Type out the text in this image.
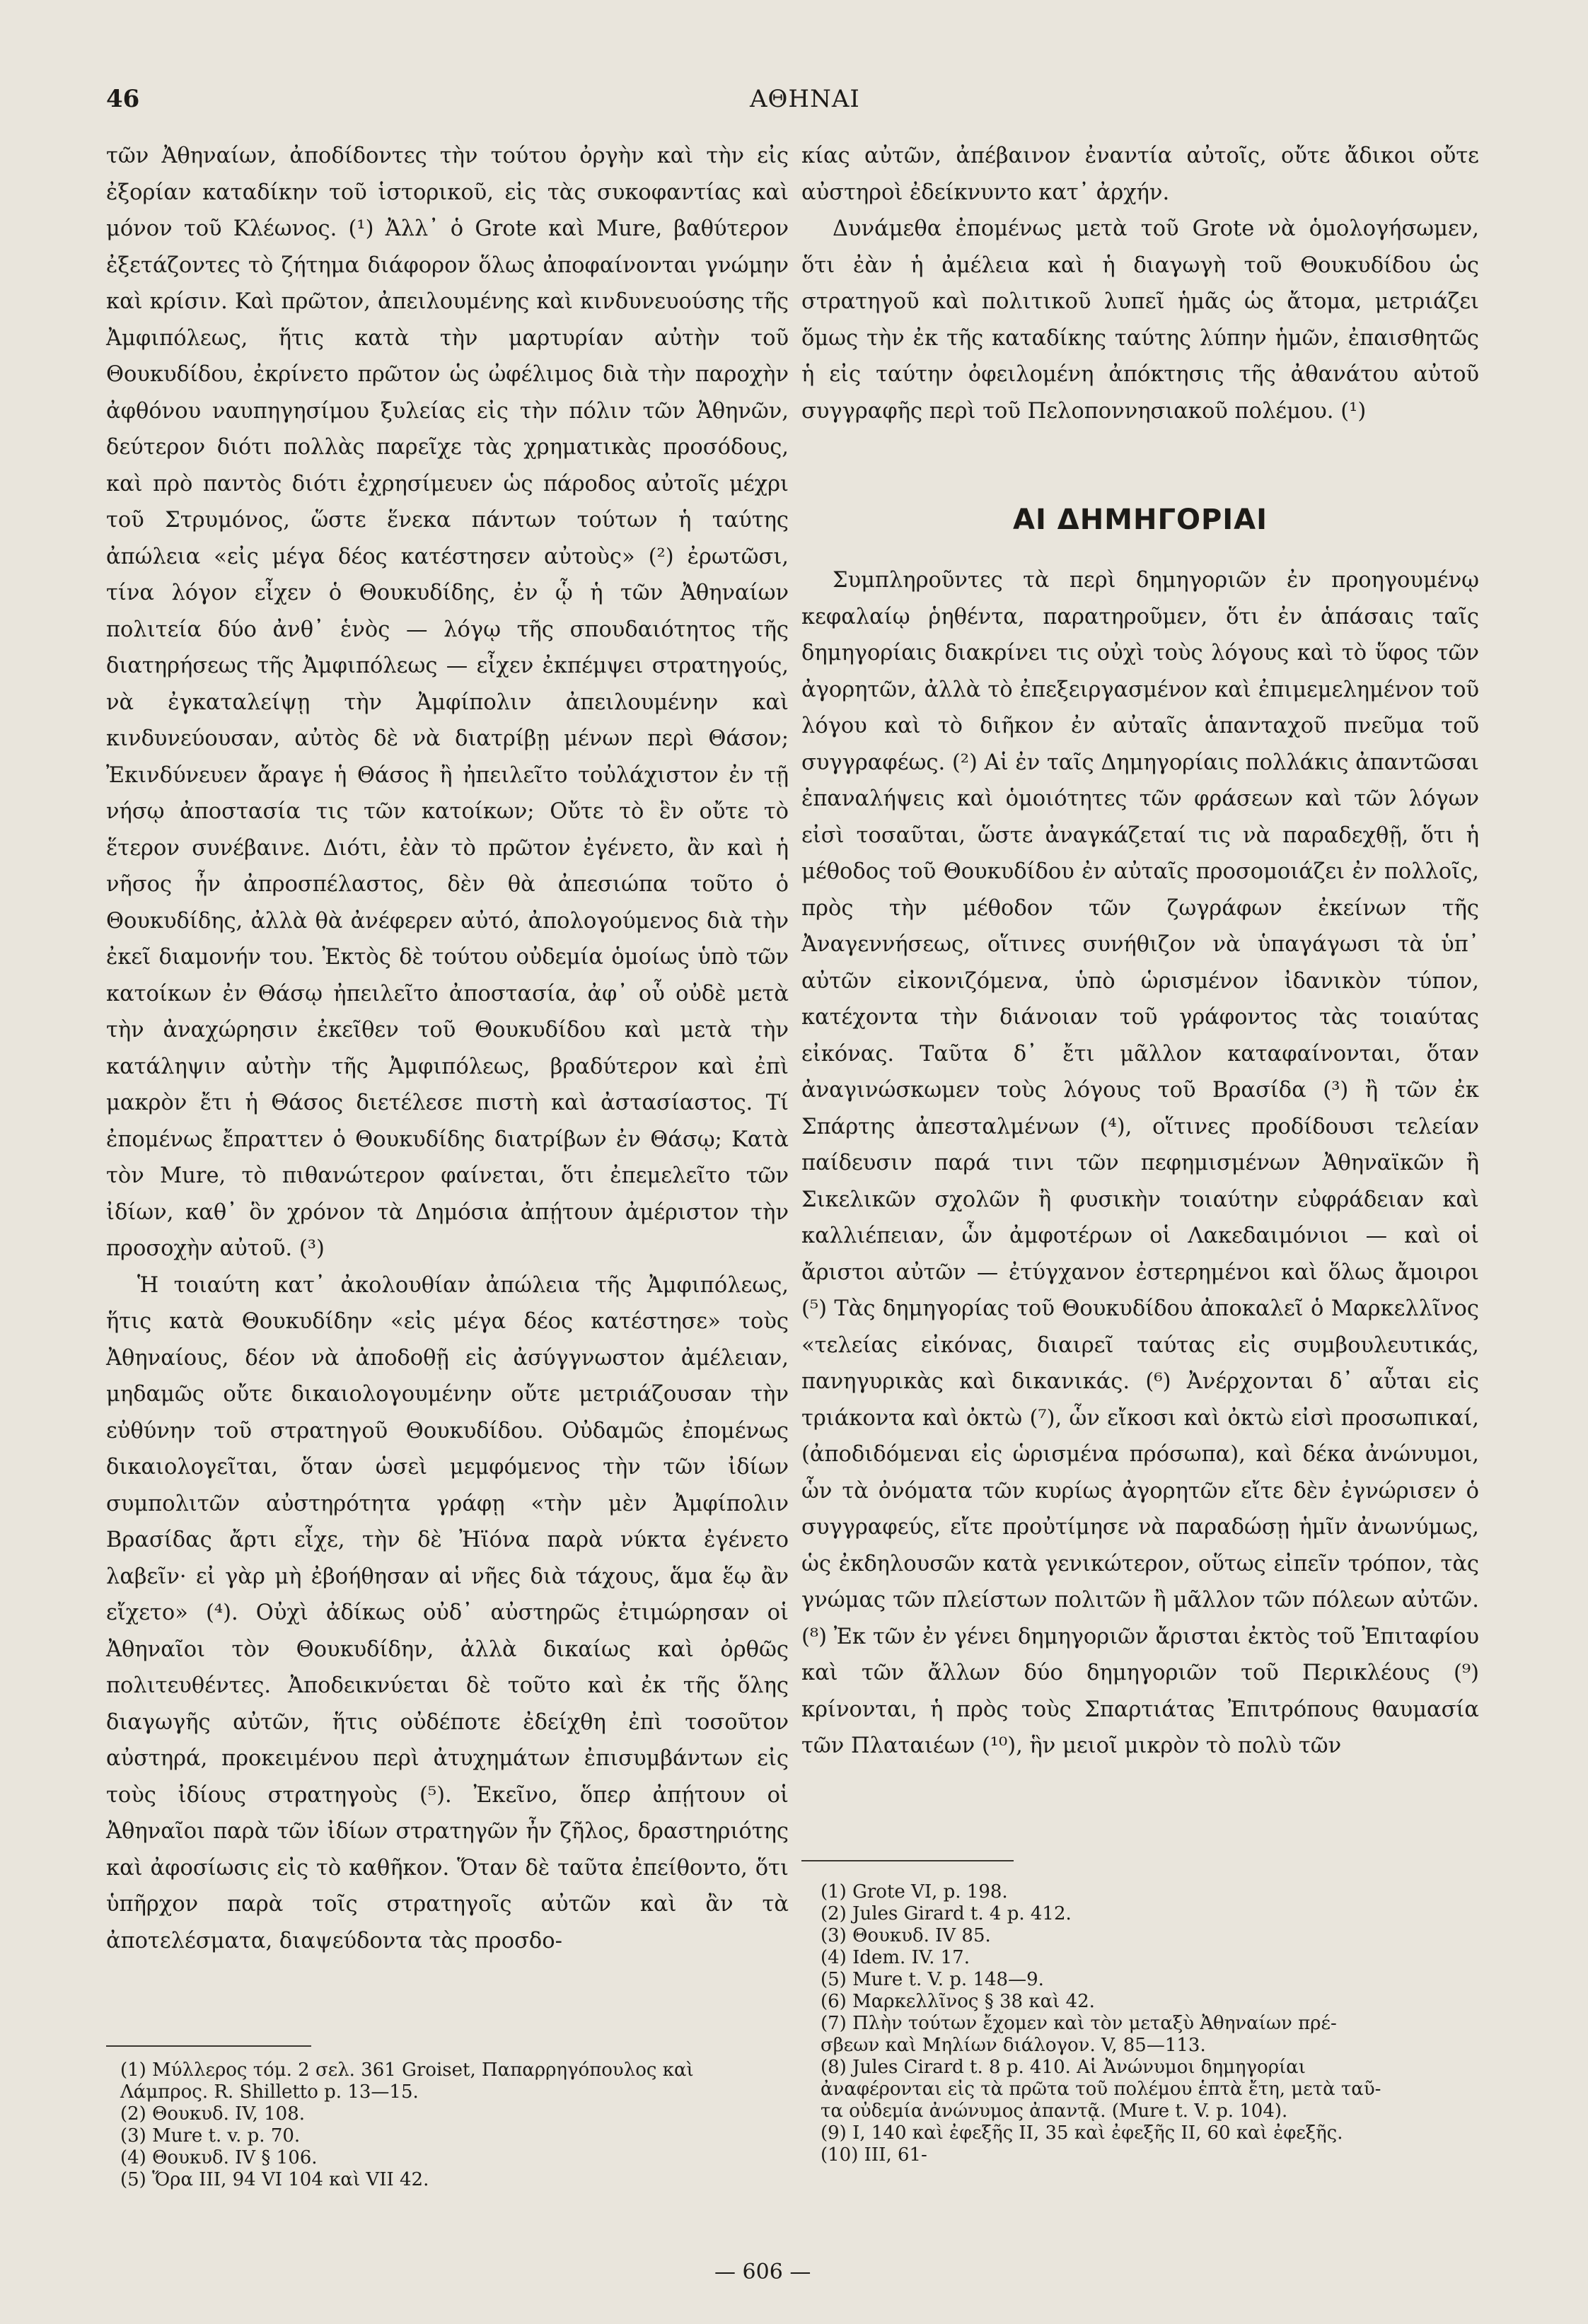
46	ΑΘΗΝΑΙ

τῶν Ἀθηναίων, ἀποδίδοντες τὴν τούτου ὀργὴν καὶ τὴν εἰς ἐξορίαν καταδίκην τοῦ ἱστορικοῦ, εἰς τὰς συκοφαντίας καὶ μόνον τοῦ Κλέωνος. (¹) Ἀλλ᾽ ὁ Grote καὶ Mure, βαθύτερον ἐξετάζοντες τὸ ζήτημα διάφορον ὅλως ἀποφαίνονται γνώμην καὶ κρίσιν. Καὶ πρῶτον, ἀπειλουμένης καὶ κινδυνευούσης τῆς Ἀμφιπόλεως, ἥτις κατὰ τὴν μαρτυρίαν αὐτὴν τοῦ Θουκυδίδου, ἐκρίνετο πρῶτον ὡς ὠφέλιμος διὰ τὴν παροχὴν ἀφθόνου ναυπηγησίμου ξυλείας εἰς τὴν πόλιν τῶν Ἀθηνῶν, δεύτερον διότι πολλὰς παρεῖχε τὰς χρηματικὰς προσόδους, καὶ πρὸ παντὸς διότι ἐχρησίμευεν ὡς πάροδος αὐτοῖς μέχρι τοῦ Στρυμόνος, ὥστε ἕνεκα πάντων τούτων ἡ ταύτης ἀπώλεια «εἰς μέγα δέος κατέστησεν αὐτοὺς» (²) ἐρωτῶσι, τίνα λόγον εἶχεν ὁ Θουκυδίδης, ἐν ᾧ ἡ τῶν Ἀθηναίων πολιτεία δύο ἀνθ᾽ ἑνὸς — λόγῳ τῆς σπουδαιότητος τῆς διατηρήσεως τῆς Ἀμφιπόλεως — εἶχεν ἐκπέμψει στρατηγούς, νὰ ἐγκαταλείψῃ τὴν Ἀμφίπολιν ἀπειλουμένην καὶ κινδυνεύουσαν, αὐτὸς δὲ νὰ διατρίβῃ μένων περὶ Θάσον; Ἐκινδύνευεν ἄραγε ἡ Θάσος ἢ ἠπειλεῖτο τοὐλάχιστον ἐν τῇ νήσῳ ἀποστασία τις τῶν κατοίκων; Οὔτε τὸ ἓν οὔτε τὸ ἕτερον συνέβαινε. Διότι, ἐὰν τὸ πρῶτον ἐγένετο, ἂν καὶ ἡ νῆσος ἦν ἀπροσπέλαστος, δὲν θὰ ἀπεσιώπα τοῦτο ὁ Θουκυδίδης, ἀλλὰ θὰ ἀνέφερεν αὐτό, ἀπολογούμενος διὰ τὴν ἐκεῖ διαμονήν του. Ἐκτὸς δὲ τούτου οὐδεμία ὁμοίως ὑπὸ τῶν κατοίκων ἐν Θάσῳ ἠπειλεῖτο ἀποστασία, ἀφ᾽ οὗ οὐδὲ μετὰ τὴν ἀναχώρησιν ἐκεῖθεν τοῦ Θουκυδίδου καὶ μετὰ τὴν κατάληψιν αὐτὴν τῆς Ἀμφιπόλεως, βραδύτερον καὶ ἐπὶ μακρὸν ἔτι ἡ Θάσος διετέλεσε πιστὴ καὶ ἀστασίαστος. Τί ἐπομένως ἔπραττεν ὁ Θουκυδίδης διατρίβων ἐν Θάσῳ; Κατὰ τὸν Mure, τὸ πιθανώτερον φαίνεται, ὅτι ἐπεμελεῖτο τῶν ἰδίων, καθ᾽ ὃν χρόνον τὰ Δημόσια ἀπῄτουν ἀμέριστον τὴν προσοχὴν αὐτοῦ. (³)

Ἡ τοιαύτη κατ᾽ ἀκολουθίαν ἀπώλεια τῆς Ἀμφιπόλεως, ἥτις κατὰ Θουκυδίδην «εἰς μέγα δέος κατέστησε» τοὺς Ἀθηναίους, δέον νὰ ἀποδοθῇ εἰς ἀσύγγνωστον ἀμέλειαν, μηδαμῶς οὔτε δικαιολογουμένην οὔτε μετριάζουσαν τὴν εὐθύνην τοῦ στρατηγοῦ Θουκυδίδου. Οὐδαμῶς ἐπομένως δικαιολογεῖται, ὅταν ὡσεὶ μεμφόμενος τὴν τῶν ἰδίων συμπολιτῶν αὐστηρότητα γράφῃ «τὴν μὲν Ἀμφίπολιν Βρασίδας ἄρτι εἶχε, τὴν δὲ Ἠϊόνα παρὰ νύκτα ἐγένετο λαβεῖν· εἰ γὰρ μὴ ἐβοήθησαν αἱ νῆες διὰ τάχους, ἅμα ἕῳ ἂν εἴχετο» (⁴). Οὐχὶ ἀδίκως οὐδ᾽ αὐστηρῶς ἐτιμώρησαν οἱ Ἀθηναῖοι τὸν Θουκυδίδην, ἀλλὰ δικαίως καὶ ὀρθῶς πολιτευθέντες. Ἀποδεικνύεται δὲ τοῦτο καὶ ἐκ τῆς ὅλης διαγωγῆς αὐτῶν, ἥτις οὐδέποτε ἐδείχθη ἐπὶ τοσοῦτον αὐστηρά, προκειμένου περὶ ἀτυχημάτων ἐπισυμβάντων εἰς τοὺς ἰδίους στρατηγοὺς (⁵). Ἐκεῖνο, ὅπερ ἀπῄτουν οἱ Ἀθηναῖοι παρὰ τῶν ἰδίων στρατηγῶν ἦν ζῆλος, δραστηριότης καὶ ἀφοσίωσις εἰς τὸ καθῆκον. Ὅταν δὲ ταῦτα ἐπείθοντο, ὅτι ὑπῆρχον παρὰ τοῖς στρατηγοῖς αὐτῶν καὶ ἂν τὰ ἀποτελέσματα, διαψεύδοντα τὰς προσδο-

κίας αὐτῶν, ἀπέβαινον ἐναντία αὐτοῖς, οὔτε ἄδικοι οὔτε αὐστηροὶ ἐδείκνυντο κατ᾽ ἀρχήν.

Δυνάμεθα ἐπομένως μετὰ τοῦ Grote νὰ ὁμολογήσωμεν, ὅτι ἐὰν ἡ ἀμέλεια καὶ ἡ διαγωγὴ τοῦ Θουκυδίδου ὡς στρατηγοῦ καὶ πολιτικοῦ λυπεῖ ἡμᾶς ὡς ἄτομα, μετριάζει ὅμως τὴν ἐκ τῆς καταδίκης ταύτης λύπην ἡμῶν, ἐπαισθητῶς ἡ εἰς ταύτην ὀφειλομένη ἀπόκτησις τῆς ἀθανάτου αὐτοῦ συγγραφῆς περὶ τοῦ Πελοποννησιακοῦ πολέμου. (¹)

ΑΙ ΔΗΜΗΓΟΡΙΑΙ

Συμπληροῦντες τὰ περὶ δημηγοριῶν ἐν προηγουμένῳ κεφαλαίῳ ῥηθέντα, παρατηροῦμεν, ὅτι ἐν ἁπάσαις ταῖς δημηγορίαις διακρίνει τις οὐχὶ τοὺς λόγους καὶ τὸ ὕφος τῶν ἀγορητῶν, ἀλλὰ τὸ ἐπεξειργασμένον καὶ ἐπιμεμελημένον τοῦ λόγου καὶ τὸ διῆκον ἐν αὐταῖς ἁπανταχοῦ πνεῦμα τοῦ συγγραφέως. (²) Αἱ ἐν ταῖς Δημηγορίαις πολλάκις ἀπαντῶσαι ἐπαναλήψεις καὶ ὁμοιότητες τῶν φράσεων καὶ τῶν λόγων εἰσὶ τοσαῦται, ὥστε ἀναγκάζεταί τις νὰ παραδεχθῇ, ὅτι ἡ μέθοδος τοῦ Θουκυδίδου ἐν αὐταῖς προσομοιάζει ἐν πολλοῖς, πρὸς τὴν μέθοδον τῶν ζωγράφων ἐκείνων τῆς Ἀναγεννήσεως, οἵτινες συνήθιζον νὰ ὑπαγάγωσι τὰ ὑπ᾽ αὐτῶν εἰκονιζόμενα, ὑπὸ ὡρισμένον ἰδανικὸν τύπον, κατέχοντα τὴν διάνοιαν τοῦ γράφοντος τὰς τοιαύτας εἰκόνας. Ταῦτα δ᾽ ἔτι μᾶλλον καταφαίνονται, ὅταν ἀναγινώσκωμεν τοὺς λόγους τοῦ Βρασίδα (³) ἢ τῶν ἐκ Σπάρτης ἀπεσταλμένων (⁴), οἵτινες προδίδουσι τελείαν παίδευσιν παρά τινι τῶν πεφημισμένων Ἀθηναϊκῶν ἢ Σικελικῶν σχολῶν ἢ φυσικὴν τοιαύτην εὐφράδειαν καὶ καλλιέπειαν, ὧν ἀμφοτέρων οἱ Λακεδαιμόνιοι — καὶ οἱ ἄριστοι αὐτῶν — ἐτύγχανον ἐστερημένοι καὶ ὅλως ἄμοιροι (⁵) Τὰς δημηγορίας τοῦ Θουκυδίδου ἀποκαλεῖ ὁ Μαρκελλῖνος «τελείας εἰκόνας, διαιρεῖ ταύτας εἰς συμβουλευτικάς, πανηγυρικὰς καὶ δικανικάς. (⁶) Ἀνέρχονται δ᾽ αὗται εἰς τριάκοντα καὶ ὀκτὼ (⁷), ὧν εἴκοσι καὶ ὀκτὼ εἰσὶ προσωπικαί, (ἀποδιδόμεναι εἰς ὡρισμένα πρόσωπα), καὶ δέκα ἀνώνυμοι, ὧν τὰ ὀνόματα τῶν κυρίως ἀγορητῶν εἴτε δὲν ἐγνώρισεν ὁ συγγραφεύς, εἴτε προὐτίμησε νὰ παραδώσῃ ἡμῖν ἀνωνύμως, ὡς ἐκδηλουσῶν κατὰ γενικώτερον, οὕτως εἰπεῖν τρόπον, τὰς γνώμας τῶν πλείστων πολιτῶν ἢ μᾶλλον τῶν πόλεων αὐτῶν. (⁸) Ἐκ τῶν ἐν γένει δημηγοριῶν ἄρισται ἐκτὸς τοῦ Ἐπιταφίου καὶ τῶν ἄλλων δύο δημηγοριῶν τοῦ Περικλέους (⁹) κρίνονται, ἡ πρὸς τοὺς Σπαρτιάτας Ἐπιτρόπους θαυμασία τῶν Πλαταιέων (¹⁰), ἣν μειοῖ μικρὸν τὸ πολὺ τῶν

(1) Μύλλερος τόμ. 2 σελ. 361 Groiset, Παπαρρηγόπουλος καὶ Λάμπρος. R. Shilletto p. 13—15.
(2) Θουκυδ. IV, 108.
(3) Mure t. v. p. 70.
(4) Θουκυδ. IV § 106.
(5) Ὅρα III, 94 VI 104 καὶ VII 42.
(1) Grote VI, p. 198.
(2) Jules Girard t. 4 p. 412.
(3) Θουκυδ. IV 85.
(4) Idem. IV. 17.
(5) Mure t. V. p. 148—9.
(6) Μαρκελλῖνος § 38 καὶ 42.
(7) Πλὴν τούτων ἔχομεν καὶ τὸν μεταξὺ Ἀθηναίων πρέ-
σβεων καὶ Μηλίων διάλογον. V, 85—113.
(8) Jules Cirard t. 8 p. 410. Αἱ Ἀνώνυμοι δημηγορίαι
ἀναφέρονται εἰς τὰ πρῶτα τοῦ πολέμου ἑπτὰ ἔτη, μετὰ ταῦ-
τα οὐδεμία ἀνώνυμος ἀπαντᾷ. (Mure t. V. p. 104).
(9) I, 140 καὶ ἐφεξῆς II, 35 καὶ ἐφεξῆς II, 60 καὶ ἐφεξῆς.
(10) III, 61-
— 606 —
